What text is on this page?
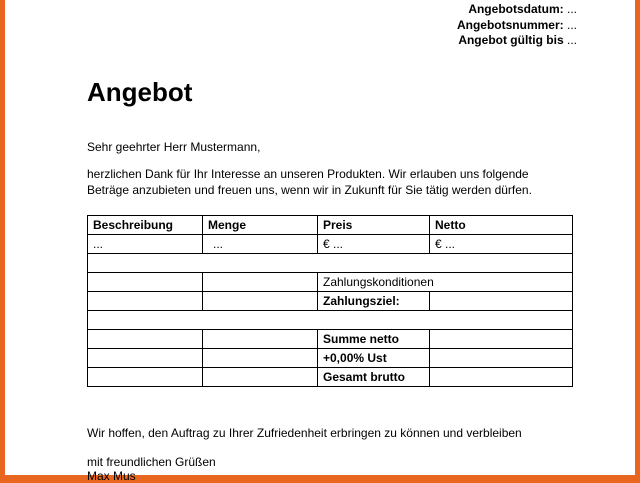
Angebotsdatum: ...
Angebotsnummer: ...
Angebot gültig bis ...
Angebot
Sehr geehrter Herr Mustermann,
herzlichen Dank für Ihr Interesse an unseren Produkten. Wir erlauben uns folgende
Beträge anzubieten und freuen uns, wenn wir in Zukunft für Sie tätig werden dürfen.
Beschreibung	Menge	Preis	Netto
...	...	€ ...	€ ...

		Zahlungskonditionen	
		Zahlungsziel:	

		Summe netto	
		+0,00% Ust	
		Gesamt brutto	
Wir hoffen, den Auftrag zu Ihrer Zufriedenheit erbringen zu können und verbleiben
mit freundlichen Grüßen
Max Mus
